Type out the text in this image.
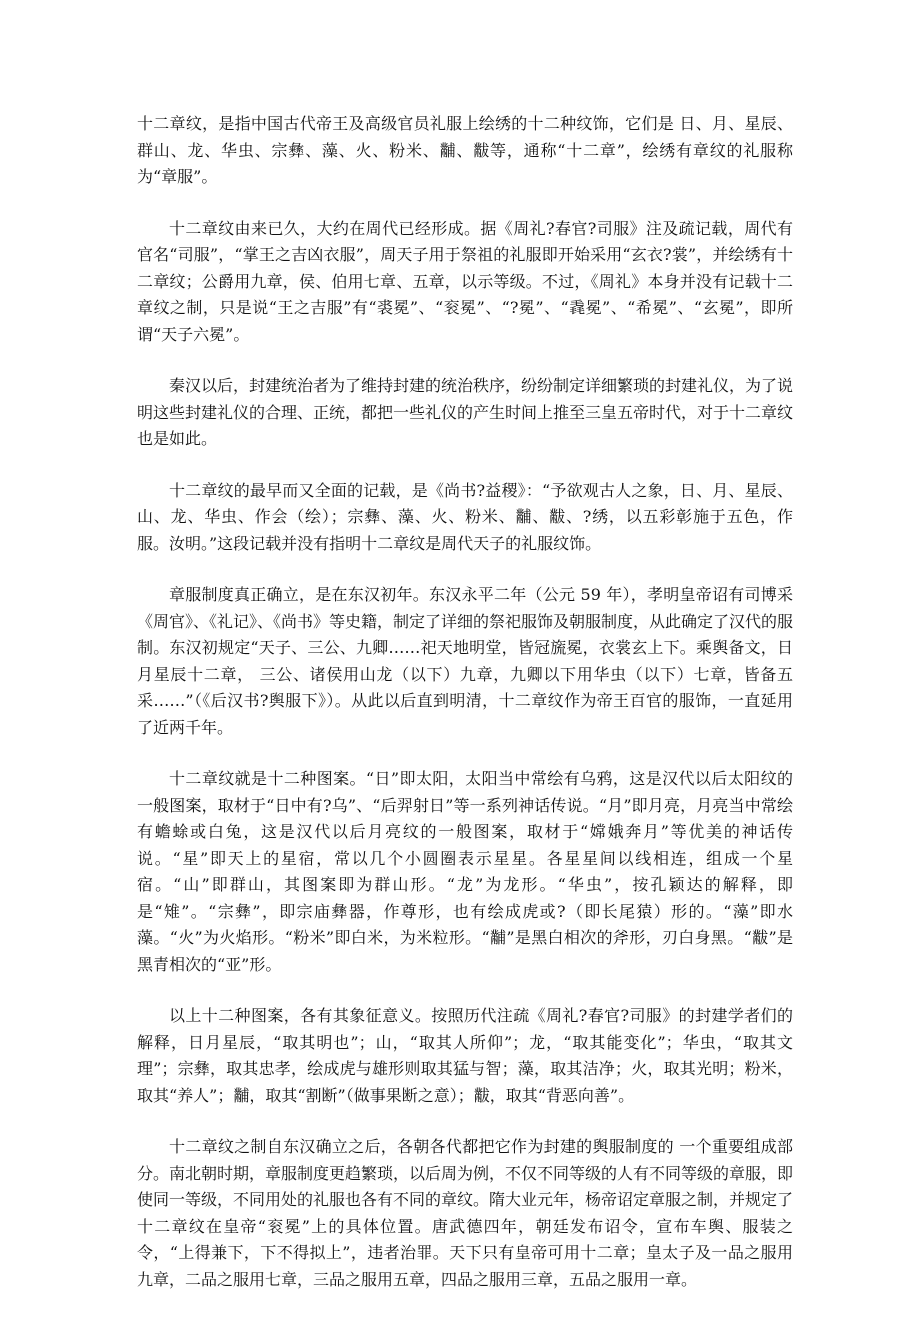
十二章纹，是指中国古代帝王及高级官员礼服上绘绣的十二种纹饰，它们是 日、月、星辰、群山、龙、华虫、宗彝、藻、火、粉米、黼、黻等，通称“十二章”，绘绣有章纹的礼服称为“章服”。

十二章纹由来已久，大约在周代已经形成。据《周礼?春官?司服》注及疏记载，周代有官名“司服”，“掌王之吉凶衣服”，周天子用于祭祖的礼服即开始采用“玄衣?裳”，并绘绣有十二章纹；公爵用九章，侯、伯用七章、五章，以示等级。不过，《周礼》本身并没有记载十二章纹之制，只是说“王之吉服”有“裘冕”、“衮冕”、“?冕”、“毳冕”、“希冕”、“玄冕”，即所谓“天子六冕”。

秦汉以后，封建统治者为了维持封建的统治秩序，纷纷制定详细繁琐的封建礼仪，为了说明这些封建礼仪的合理、正统，都把一些礼仪的产生时间上推至三皇五帝时代，对于十二章纹也是如此。

十二章纹的最早而又全面的记载，是《尚书?益稷》：“予欲观古人之象，日、月、星辰、山、龙、华虫、作会（绘）；宗彝、藻、火、粉米、黼、黻、?绣，以五彩彰施于五色，作服。汝明。”这段记载并没有指明十二章纹是周代天子的礼服纹饰。

章服制度真正确立，是在东汉初年。东汉永平二年（公元 59 年），孝明皇帝诏有司博采《周官》、《礼记》、《尚书》等史籍，制定了详细的祭祀服饰及朝服制度，从此确定了汉代的服制。东汉初规定“天子、三公、九卿……祀天地明堂，皆冠旒冕，衣裳玄上下。乘舆备文，日月星辰十二章， 三公、诸侯用山龙（以下）九章，九卿以下用华虫（以下）七章，皆备五采……”（《后汉书?舆服下》）。从此以后直到明清，十二章纹作为帝王百官的服饰，一直延用了近两千年。

十二章纹就是十二种图案。“日”即太阳，太阳当中常绘有乌鸦，这是汉代以后太阳纹的一般图案，取材于“日中有?乌”、“后羿射日”等一系列神话传说。“月”即月亮，月亮当中常绘有蟾蜍或白兔，这是汉代以后月亮纹的一般图案，取材于“嫦娥奔月”等优美的神话传说。“星”即天上的星宿，常以几个小圆圈表示星星。各星星间以线相连，组成一个星宿。“山”即群山，其图案即为群山形。“龙”为龙形。“华虫”，按孔颖达的解释，即是“雉”。“宗彝”，即宗庙彝器，作尊形，也有绘成虎或?（即长尾猿）形的。“藻”即水藻。“火”为火焰形。“粉米”即白米，为米粒形。“黼”是黑白相次的斧形，刃白身黑。“黻”是黑青相次的“亚”形。

以上十二种图案，各有其象征意义。按照历代注疏《周礼?春官?司服》的封建学者们的解释，日月星辰，“取其明也”；山，“取其人所仰”；龙，“取其能变化”；华虫，“取其文理”；宗彝，取其忠孝，绘成虎与雄形则取其猛与智；藻，取其洁净；火，取其光明；粉米，取其“养人”；黼，取其“割断”（做事果断之意）；黻，取其“背恶向善”。

十二章纹之制自东汉确立之后，各朝各代都把它作为封建的舆服制度的 一个重要组成部分。南北朝时期，章服制度更趋繁琐，以后周为例，不仅不同等级的人有不同等级的章服，即使同一等级，不同用处的礼服也各有不同的章纹。隋大业元年，杨帝诏定章服之制，并规定了十二章纹在皇帝“衮冕”上的具体位置。唐武德四年，朝廷发布诏令，宣布车舆、服装之令，“上得兼下，下不得拟上”，违者治罪。天下只有皇帝可用十二章；皇太子及一品之服用九章，二品之服用七章，三品之服用五章，四品之服用三章，五品之服用一章。
